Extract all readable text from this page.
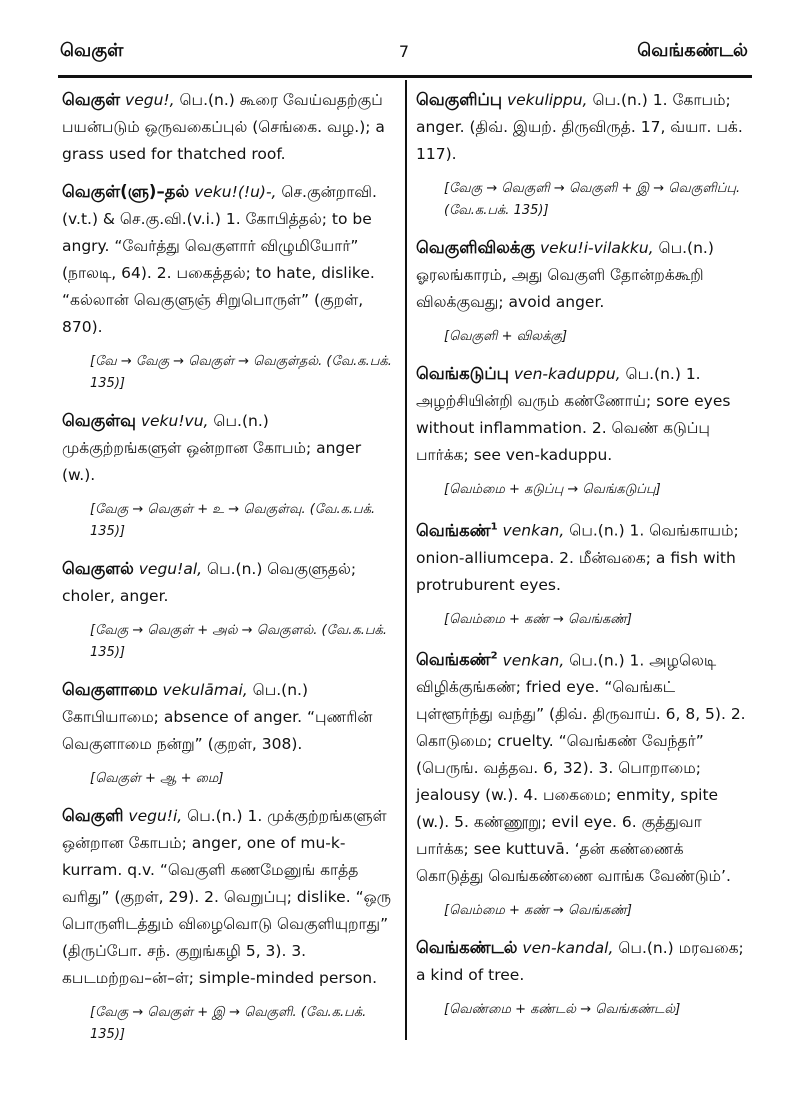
வெகுள்	7	வெங்கண்டல்
வெகுள் vegu!, பெ.(n.) கூரை வேய்வதற்குப் பயன்படும் ஒருவகைப்புல் (செங்கை. வழ.); a grass used for thatched roof.
வெகுள்(ளு)–தல் veku!(!u)-, செ.குன்றாவி. (v.t.) & செ.கு.வி.(v.i.) 1. கோபித்தல்; to be angry. “வேர்த்து வெகுளார் விழுமியோர்” (நாலடி, 64). 2. பகைத்தல்; to hate, dislike. “கல்லான் வெகுளுஞ் சிறுபொருள்” (குறள், 870).
[வே → வேகு → வெகுள் → வெகுள்தல். (வே.க.பக். 135)]
வெகுள்வு veku!vu, பெ.(n.) முக்குற்றங்களுள் ஒன்றான கோபம்; anger (w.).
[வேகு → வெகுள் + உ → வெகுள்வு. (வே.க.பக். 135)]
வெகுளல் vegu!al, பெ.(n.) வெகுளுதல்; choler, anger.
[வேகு → வெகுள் + அல் → வெகுளல். (வே.க.பக். 135)]
வெகுளாமை vekulāmai, பெ.(n.) கோபியாமை; absence of anger. “புணரின் வெகுளாமை நன்று” (குறள், 308).
[வெகுள் + ஆ + மை]
வெகுளி vegu!i, பெ.(n.) 1. முக்குற்றங்களுள் ஒன்றான கோபம்; anger, one of mu-k-kurram. q.v. “வெகுளி கணமேனுங் காத்த வரிது” (குறள், 29). 2. வெறுப்பு; dislike. “ஒரு பொருளிடத்தும் விழைவொடு வெகுளியுறாது” (திருப்போ. சந். குறுங்கழி 5, 3). 3. கபடமற்றவ–ன்–ள்; simple-minded person.
[வேகு → வெகுள் + இ → வெகுளி. (வே.க.பக். 135)]
வெகுளிப்பு vekulippu, பெ.(n.) 1. கோபம்; anger. (திவ். இயற். திருவிருத். 17, வ்யா. பக். 117).
[வேகு → வெகுளி → வெகுளி + இ → வெகுளிப்பு. (வே.க.பக். 135)]
வெகுளிவிலக்கு veku!i-vilakku, பெ.(n.) ஓரலங்காரம், அது வெகுளி தோன்றக்கூறி விலக்குவது; avoid anger.
[வெகுளி + விலக்கு]
வெங்கடுப்பு ven-kaduppu, பெ.(n.) 1. அழற்சியின்றி வரும் கண்ணோய்; sore eyes without inflammation. 2. வெண் கடுப்பு பார்க்க; see ven-kaduppu.
[வெம்மை + கடுப்பு → வெங்கடுப்பு]
வெங்கண்$^1$ venkan, பெ.(n.) 1. வெங்காயம்; onion-alliumcepa. 2. மீன்வகை; a fish with protruburent eyes.
[வெம்மை + கண் → வெங்கண்]
வெங்கண்$^2$ venkan, பெ.(n.) 1. அழலெடி விழிக்குங்கண்; fried eye. “வெங்கட் புள்ளூர்ந்து வந்து” (திவ். திருவாய். 6, 8, 5). 2. கொடுமை; cruelty. “வெங்கண் வேந்தர்” (பெருங். வத்தவ. 6, 32). 3. பொறாமை; jealousy (w.). 4. பகைமை; enmity, spite (w.). 5. கண்ணூறு; evil eye. 6. குத்துவா பார்க்க; see kuttuvā. ‘தன் கண்ணைக் கொடுத்து வெங்கண்ணை வாங்க வேண்டும்’.
[வெம்மை + கண் → வெங்கண்]
வெங்கண்டல் ven-kandal, பெ.(n.) மரவகை; a kind of tree.
[வெண்மை + கண்டல் → வெங்கண்டல்]
